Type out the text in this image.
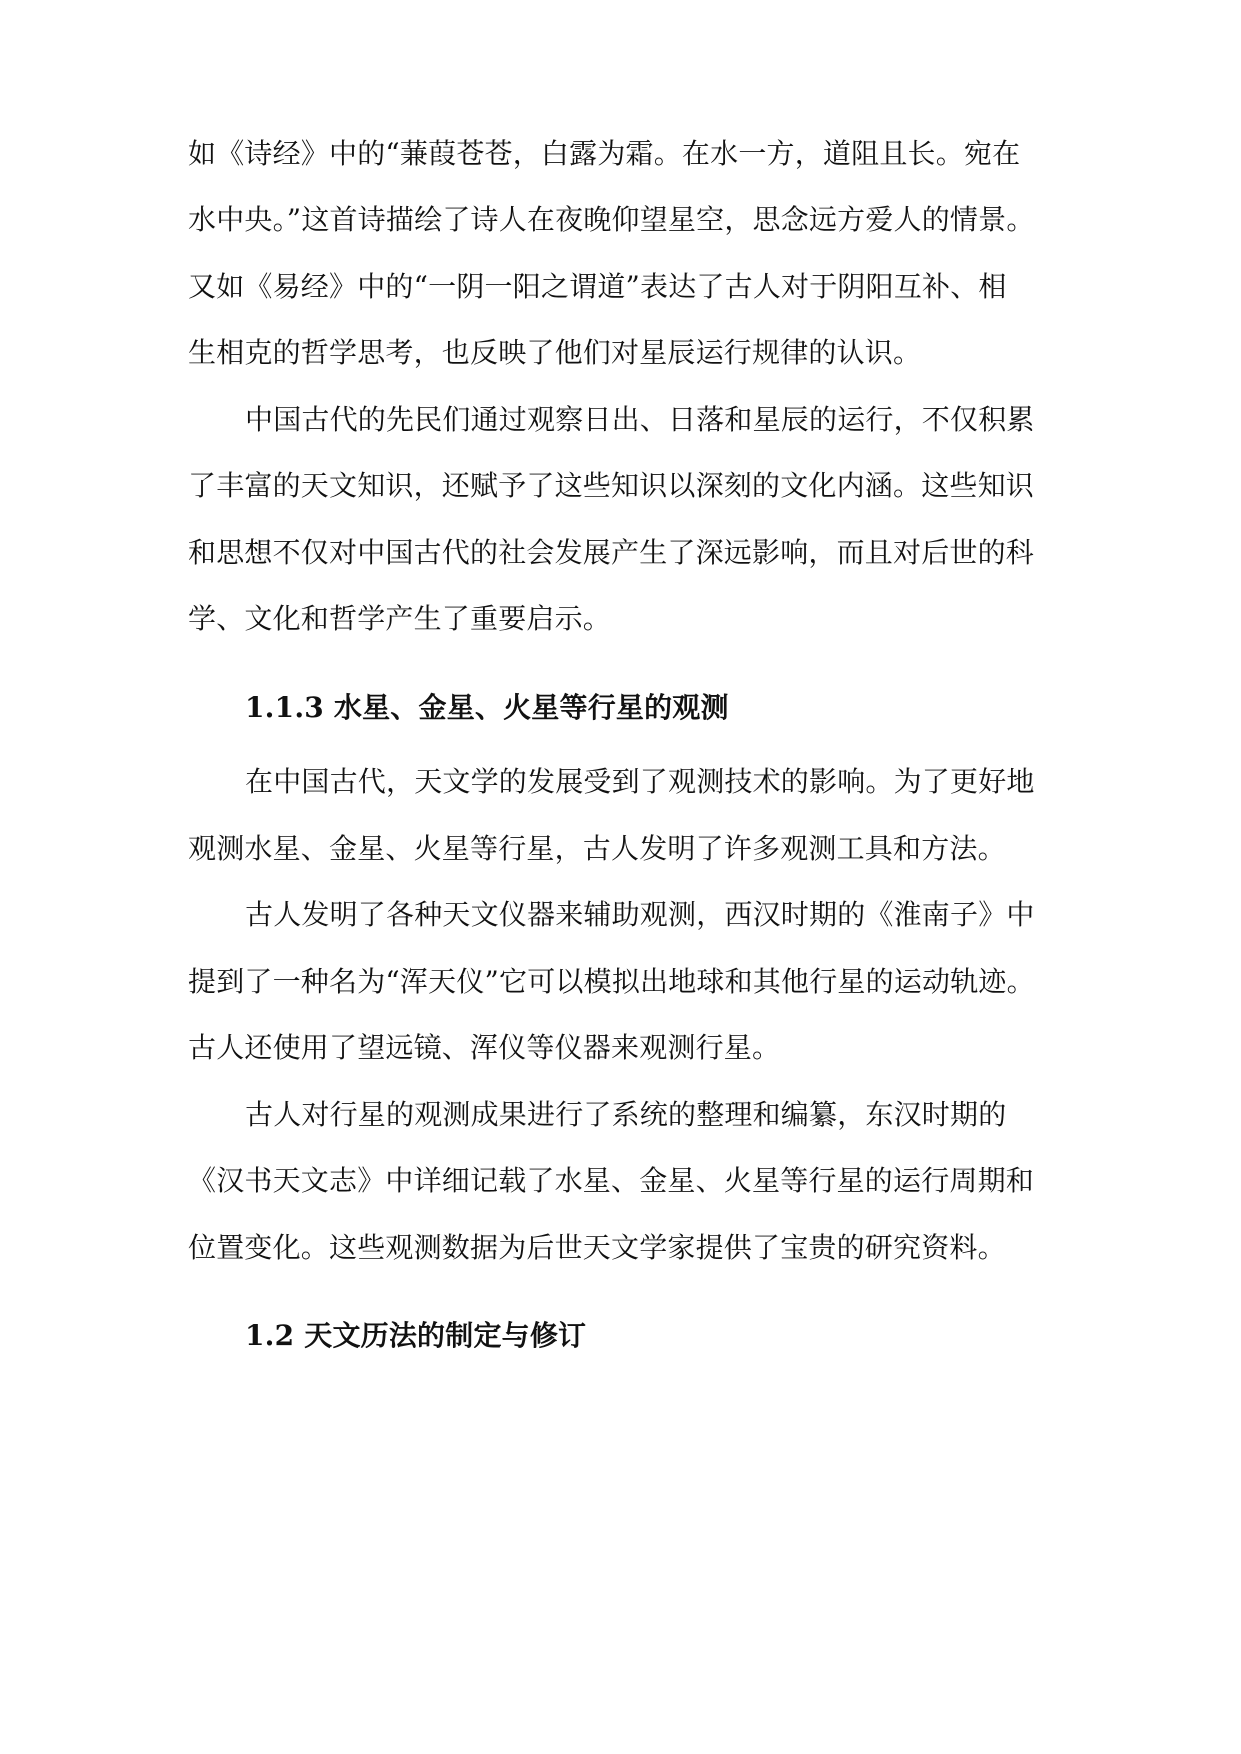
如《诗经》中的“蒹葭苍苍，白露为霜。在水一方，道阻且长。宛在
水中央。”这首诗描绘了诗人在夜晚仰望星空，思念远方爱人的情景。
又如《易经》中的“一阴一阳之谓道”表达了古人对于阴阳互补、相
生相克的哲学思考，也反映了他们对星辰运行规律的认识。
中国古代的先民们通过观察日出、日落和星辰的运行，不仅积累
了丰富的天文知识，还赋予了这些知识以深刻的文化内涵。这些知识
和思想不仅对中国古代的社会发展产生了深远影响，而且对后世的科
学、文化和哲学产生了重要启示。
1.1.3 水星、金星、火星等行星的观测
在中国古代，天文学的发展受到了观测技术的影响。为了更好地
观测水星、金星、火星等行星，古人发明了许多观测工具和方法。
古人发明了各种天文仪器来辅助观测，西汉时期的《淮南子》中
提到了一种名为“浑天仪”它可以模拟出地球和其他行星的运动轨迹。
古人还使用了望远镜、浑仪等仪器来观测行星。
古人对行星的观测成果进行了系统的整理和编纂，东汉时期的
《汉书天文志》中详细记载了水星、金星、火星等行星的运行周期和
位置变化。这些观测数据为后世天文学家提供了宝贵的研究资料。
1.2 天文历法的制定与修订
